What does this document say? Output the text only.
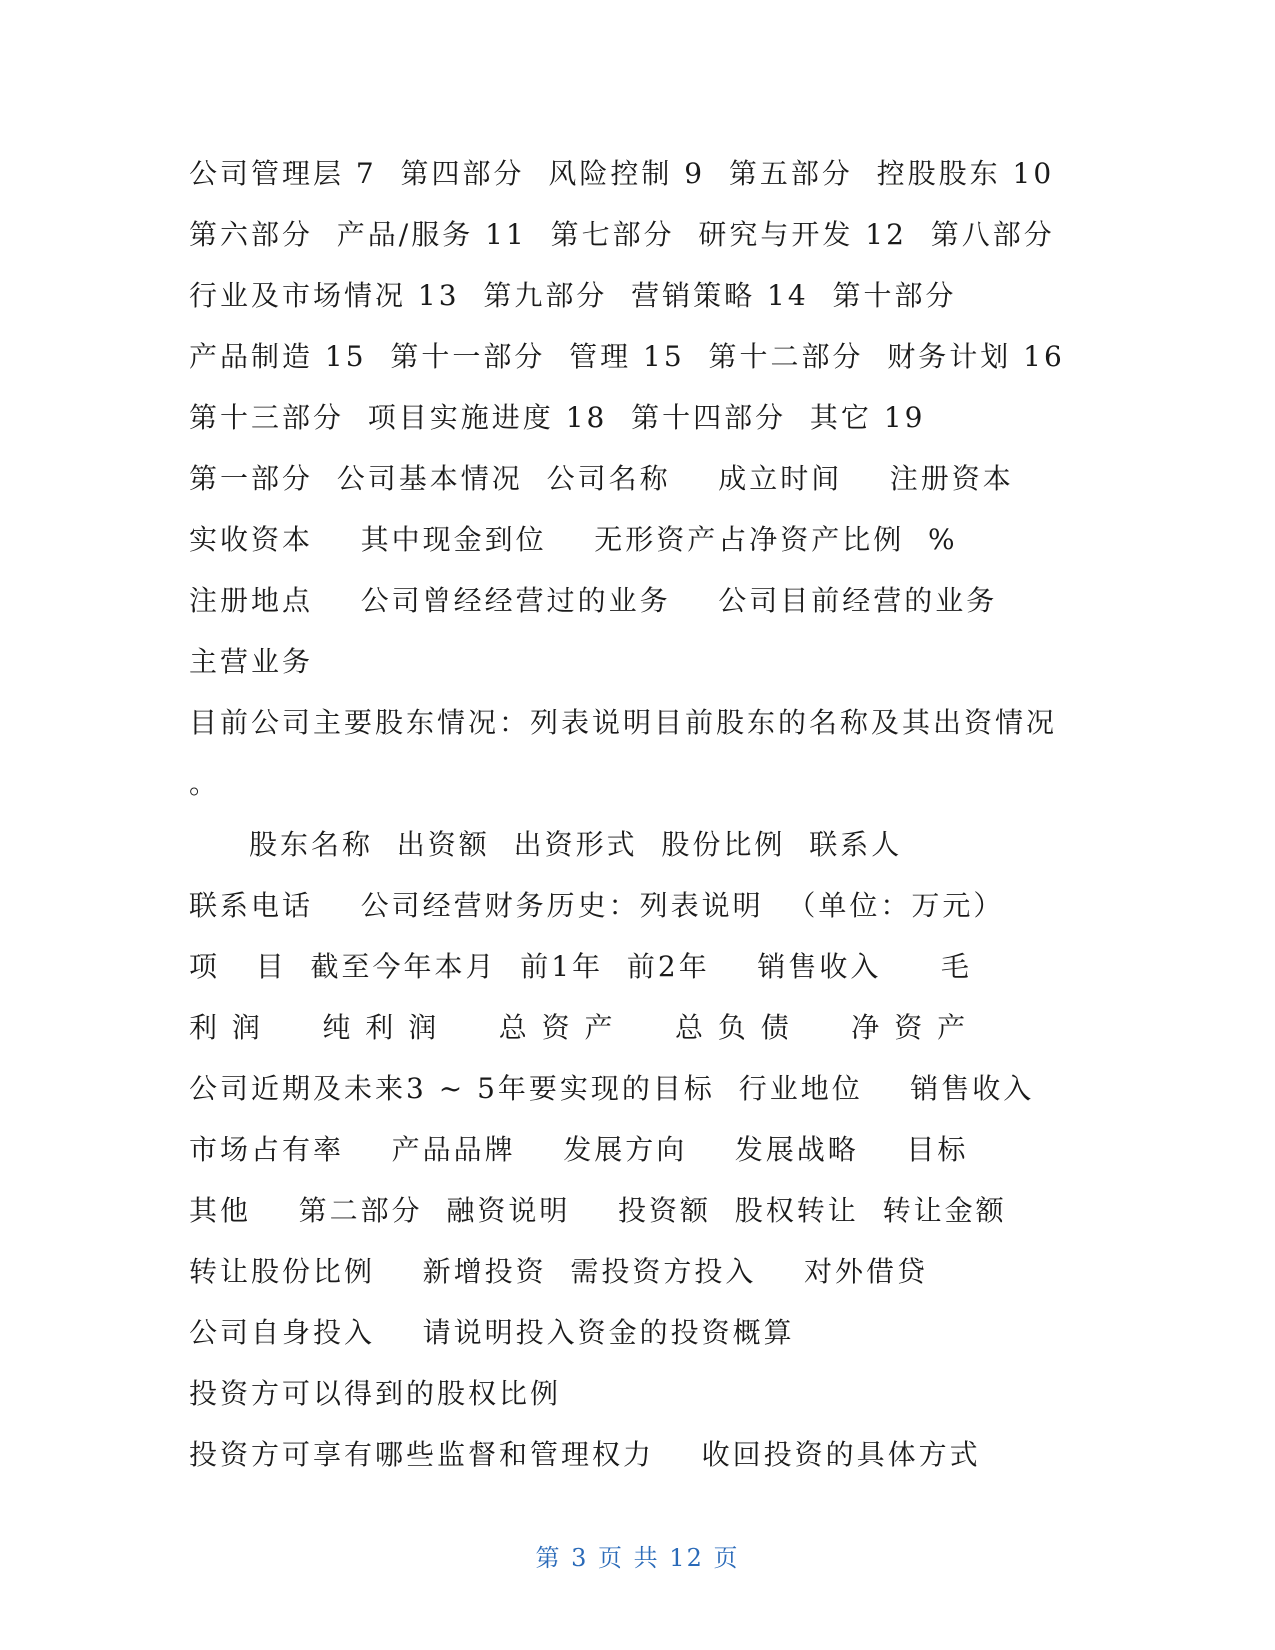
公司管理层 7  第四部分  风险控制 9  第五部分  控股股东 10
第六部分  产品/服务 11  第七部分  研究与开发 12  第八部分
行业及市场情况 13  第九部分  营销策略 14  第十部分
产品制造 15  第十一部分  管理 15  第十二部分  财务计划 16
第十三部分  项目实施进度 18  第十四部分  其它 19
第一部分  公司基本情况  公司名称    成立时间    注册资本
实收资本    其中现金到位    无形资产占净资产比例  %
注册地点    公司曾经经营过的业务    公司目前经营的业务
主营业务
目前公司主要股东情况：列表说明目前股东的名称及其出资情况
。
股东名称  出资额  出资形式  股份比例  联系人
联系电话    公司经营财务历史：列表说明  （单位：万元）
项   目  截至今年本月  前1年  前2年    销售收入     毛
利 润     纯 利 润     总 资 产     总 负 债     净 资 产
公司近期及未来3 ~ 5年要实现的目标  行业地位    销售收入
市场占有率    产品品牌    发展方向    发展战略    目标
其他    第二部分  融资说明    投资额  股权转让  转让金额
转让股份比例    新增投资  需投资方投入    对外借贷
公司自身投入    请说明投入资金的投资概算
投资方可以得到的股权比例
投资方可享有哪些监督和管理权力    收回投资的具体方式
第 3 页 共 12 页
